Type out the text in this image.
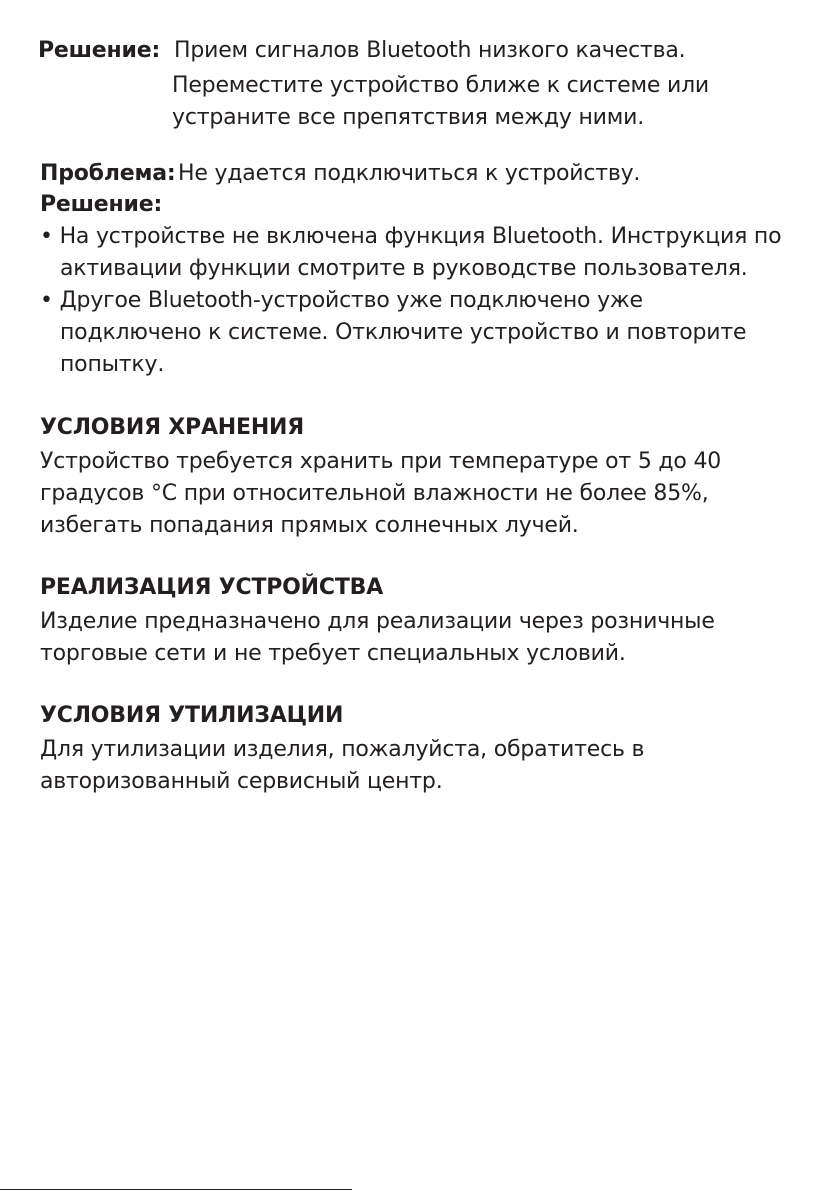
Решение: Прием сигналов Bluetooth низкого качества.
Переместите устройство ближе к системе или
устраните все препятствия между ними.
Проблема: Не удается подключиться к устройству.
Решение:
• На устройстве не включена функция Bluetooth. Инструкция по
активации функции смотрите в руководстве пользователя.
• Другое Bluetooth-устройство уже подключено уже
подключено к системе. Отключите устройство и повторите
попытку.
УСЛОВИЯ ХРАНЕНИЯ
Устройство требуется хранить при температуре от 5 до 40
градусов °С при относительной влажности не более 85%,
избегать попадания прямых солнечных лучей.
РЕАЛИЗАЦИЯ УСТРОЙСТВА
Изделие предназначено для реализации через розничные
торговые сети и не требует специальных условий.
УСЛОВИЯ УТИЛИЗАЦИИ
Для утилизации изделия, пожалуйста, обратитесь в
авторизованный сервисный центр.
